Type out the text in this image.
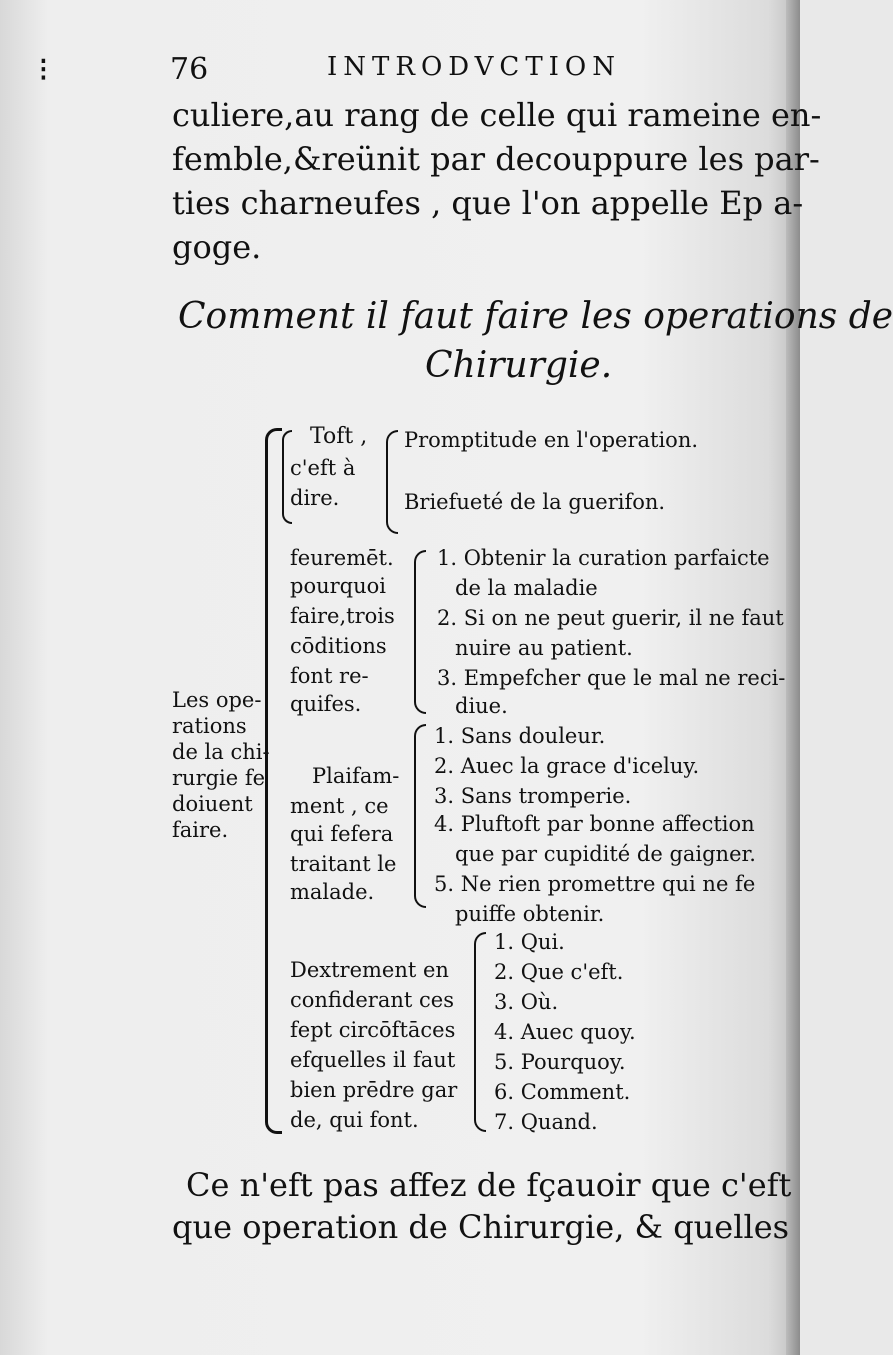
⁝	76	INTRODVCTION
culiere,au rang de celle qui rameine en-
femble,&reünit par decouppure les par-
ties charneufes , que l'on appelle Ep a-
goge.
Comment il faut faire les operations de
Chirurgie.
Les ope-
rations
de la chi-
rurgie fe
doiuent
faire.
Toft ,
c'eft à
dire.
Promptitude en l'operation.
Briefueté de la guerifon.
feuremēt.
pourquoi
faire,trois
cōditions
font re-
quifes.
1. Obtenir la curation parfaicte
de la maladie
2. Si on ne peut guerir, il ne faut
nuire au patient.
3. Empefcher que le mal ne reci-
diue.
Plaifam-
ment , ce
qui fefera
traitant le
malade.
1. Sans douleur.
2. Auec la grace d'iceluy.
3. Sans tromperie.
4. Pluftoft par bonne affection
que par cupidité de gaigner.
5. Ne rien promettre qui ne fe
puiffe obtenir.
Dextrement en
confiderant ces
fept circōftāces
efquelles il faut
bien prēdre gar
de, qui font.
1. Qui.
2. Que c'eft.
3. Où.
4. Auec quoy.
5. Pourquoy.
6. Comment.
7. Quand.
Ce n'eft pas affez de fçauoir que c'eft
que operation de Chirurgie, & quelles
